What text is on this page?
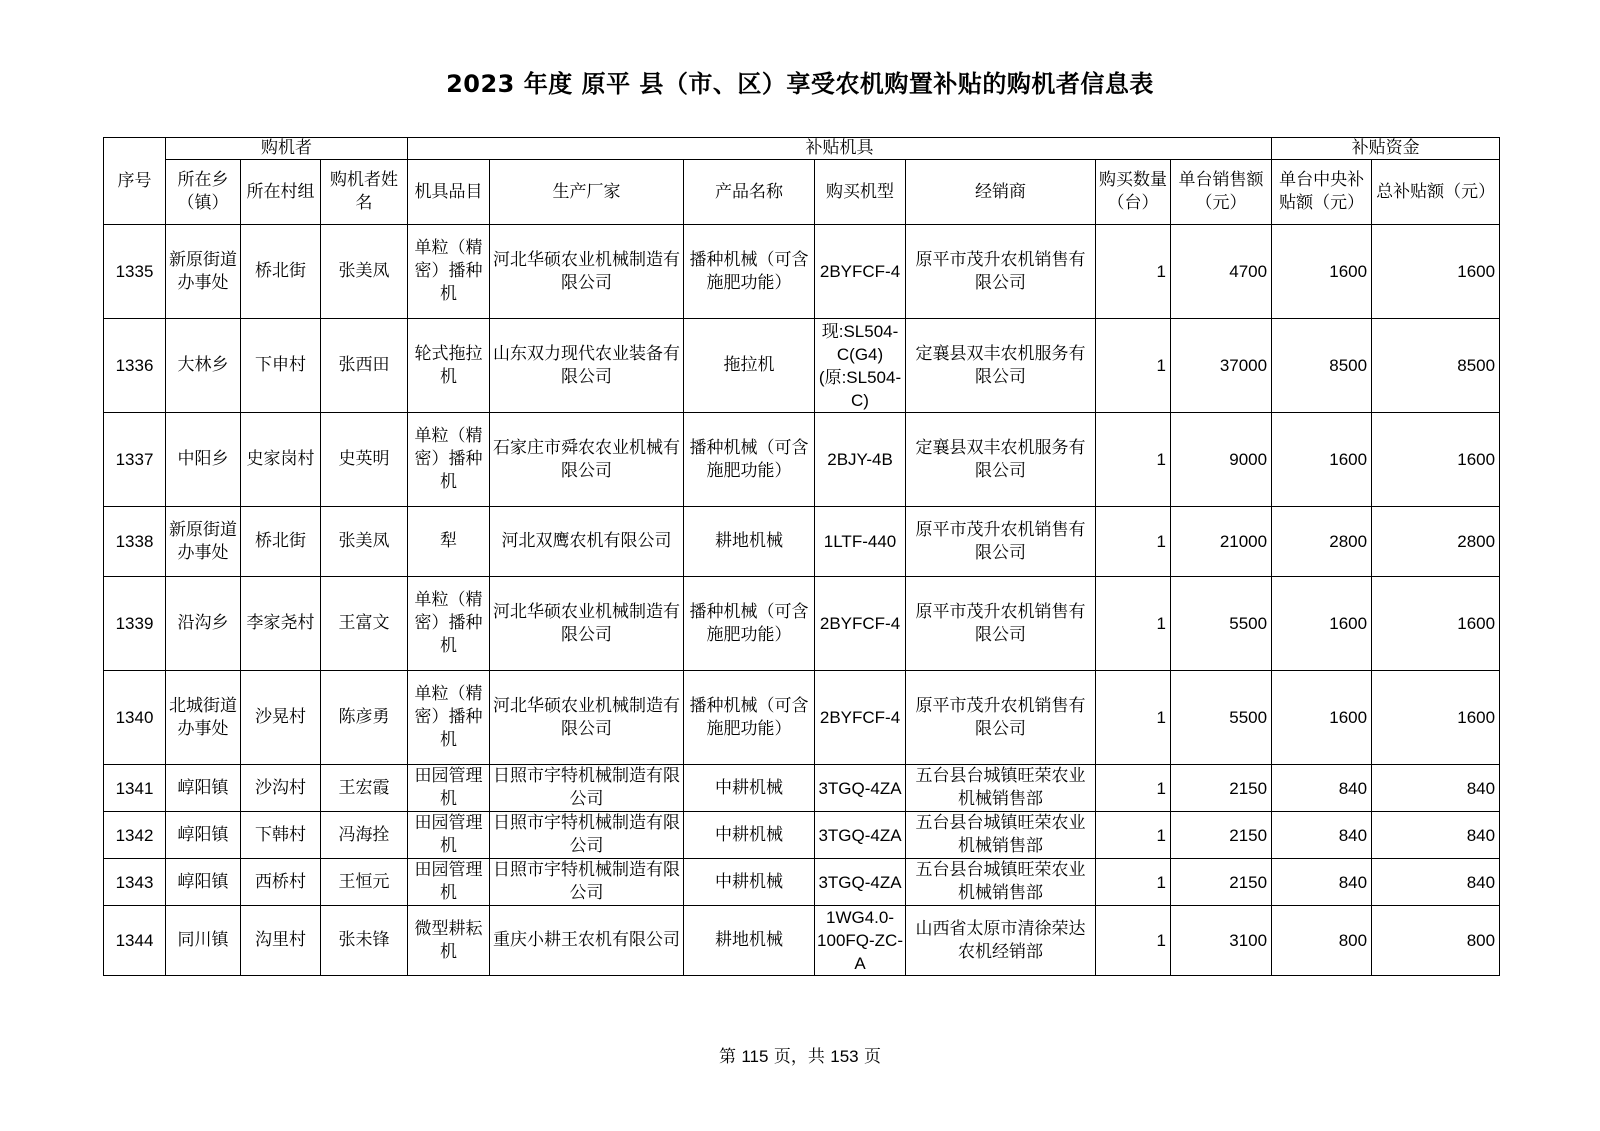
2023 年度 原平 县（市、区）享受农机购置补贴的购机者信息表
序号	购机者			补贴机具							补贴资金	
	所在乡（镇）	所在村组	购机者姓名	机具品目	生产厂家	产品名称	购买机型	经销商	购买数量（台）	单台销售额（元）	单台中央补贴额（元）	总补贴额（元）
1335	新原街道办事处	桥北街	张美凤	单粒（精密）播种机	河北华硕农业机械制造有限公司	播种机械（可含施肥功能）	2BYFCF-4	原平市茂升农机销售有限公司	1	4700	1600	1600
1336	大林乡	下申村	张西田	轮式拖拉机	山东双力现代农业装备有限公司	拖拉机	现:SL504-C(G4)(原:SL504-C)	定襄县双丰农机服务有限公司	1	37000	8500	8500
1337	中阳乡	史家岗村	史英明	单粒（精密）播种机	石家庄市舜农农业机械有限公司	播种机械（可含施肥功能）	2BJY-4B	定襄县双丰农机服务有限公司	1	9000	1600	1600
1338	新原街道办事处	桥北街	张美凤	犁	河北双鹰农机有限公司	耕地机械	1LTF-440	原平市茂升农机销售有限公司	1	21000	2800	2800
1339	沿沟乡	李家尧村	王富文	单粒（精密）播种机	河北华硕农业机械制造有限公司	播种机械（可含施肥功能）	2BYFCF-4	原平市茂升农机销售有限公司	1	5500	1600	1600
1340	北城街道办事处	沙晃村	陈彦勇	单粒（精密）播种机	河北华硕农业机械制造有限公司	播种机械（可含施肥功能）	2BYFCF-4	原平市茂升农机销售有限公司	1	5500	1600	1600
1341	崞阳镇	沙沟村	王宏霞	田园管理机	日照市宇特机械制造有限公司	中耕机械	3TGQ-4ZA	五台县台城镇旺荣农业机械销售部	1	2150	840	840
1342	崞阳镇	下韩村	冯海拴	田园管理机	日照市宇特机械制造有限公司	中耕机械	3TGQ-4ZA	五台县台城镇旺荣农业机械销售部	1	2150	840	840
1343	崞阳镇	西桥村	王恒元	田园管理机	日照市宇特机械制造有限公司	中耕机械	3TGQ-4ZA	五台县台城镇旺荣农业机械销售部	1	2150	840	840
1344	同川镇	沟里村	张未锋	微型耕耘机	重庆小耕王农机有限公司	耕地机械	1WG4.0-100FQ-ZC-A	山西省太原市清徐荣达农机经销部	1	3100	800	800
第 115 页，共 153 页
